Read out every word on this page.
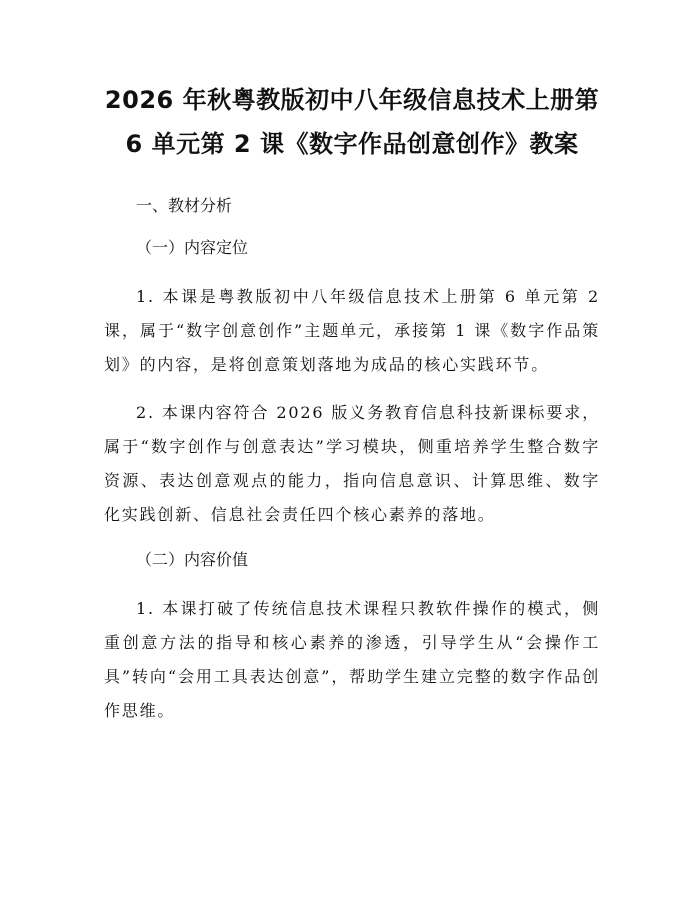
2026 年秋粤教版初中八年级信息技术上册第
6 单元第 2 课《数字作品创意创作》教案
一、教材分析
（一）内容定位

1. 本课是粤教版初中八年级信息技术上册第 6 单元第 2 课，属于“数字创意创作”主题单元，承接第 1 课《数字作品策划》的内容，是将创意策划落地为成品的核心实践环节。

2. 本课内容符合 2026 版义务教育信息科技新课标要求，属于“数字创作与创意表达”学习模块，侧重培养学生整合数字资源、表达创意观点的能力，指向信息意识、计算思维、数字化实践创新、信息社会责任四个核心素养的落地。

（二）内容价值

1. 本课打破了传统信息技术课程只教软件操作的模式，侧重创意方法的指导和核心素养的渗透，引导学生从“会操作工具”转向“会用工具表达创意”，帮助学生建立完整的数字作品创作思维。
